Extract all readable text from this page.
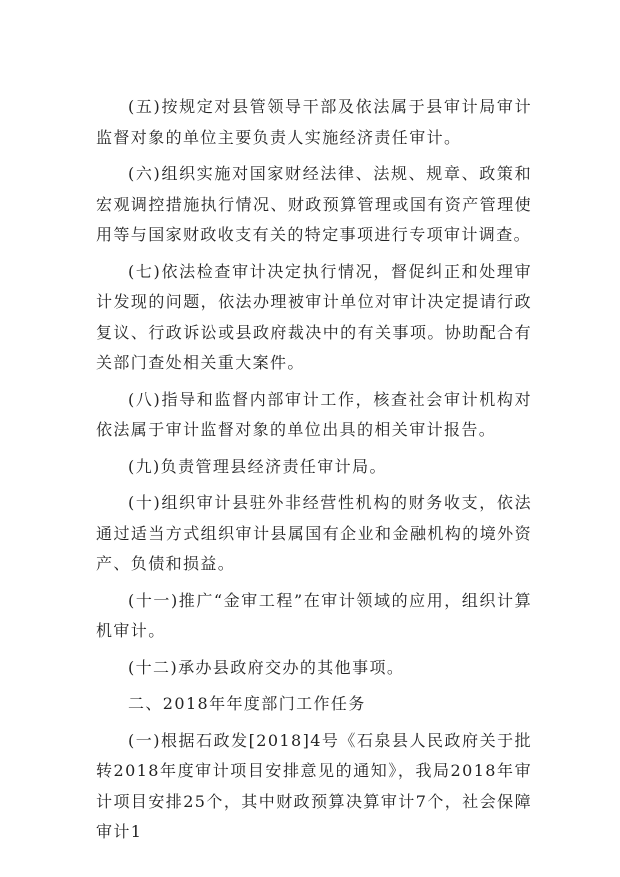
(五)按规定对县管领导干部及依法属于县审计局审计监督对象的单位主要负责人实施经济责任审计。

(六)组织实施对国家财经法律、法规、规章、政策和宏观调控措施执行情况、财政预算管理或国有资产管理使用等与国家财政收支有关的特定事项进行专项审计调查。

(七)依法检查审计决定执行情况，督促纠正和处理审计发现的问题，依法办理被审计单位对审计决定提请行政复议、行政诉讼或县政府裁决中的有关事项。协助配合有关部门查处相关重大案件。

(八)指导和监督内部审计工作，核查社会审计机构对依法属于审计监督对象的单位出具的相关审计报告。

(九)负责管理县经济责任审计局。

(十)组织审计县驻外非经营性机构的财务收支，依法通过适当方式组织审计县属国有企业和金融机构的境外资产、负债和损益。

(十一)推广“金审工程”在审计领域的应用，组织计算机审计。

(十二)承办县政府交办的其他事项。

二、2018年年度部门工作任务

(一)根据石政发[2018]4号《石泉县人民政府关于批转2018年度审计项目安排意见的通知》，我局2018年审计项目安排25个，其中财政预算决算审计7个，社会保障审计1
